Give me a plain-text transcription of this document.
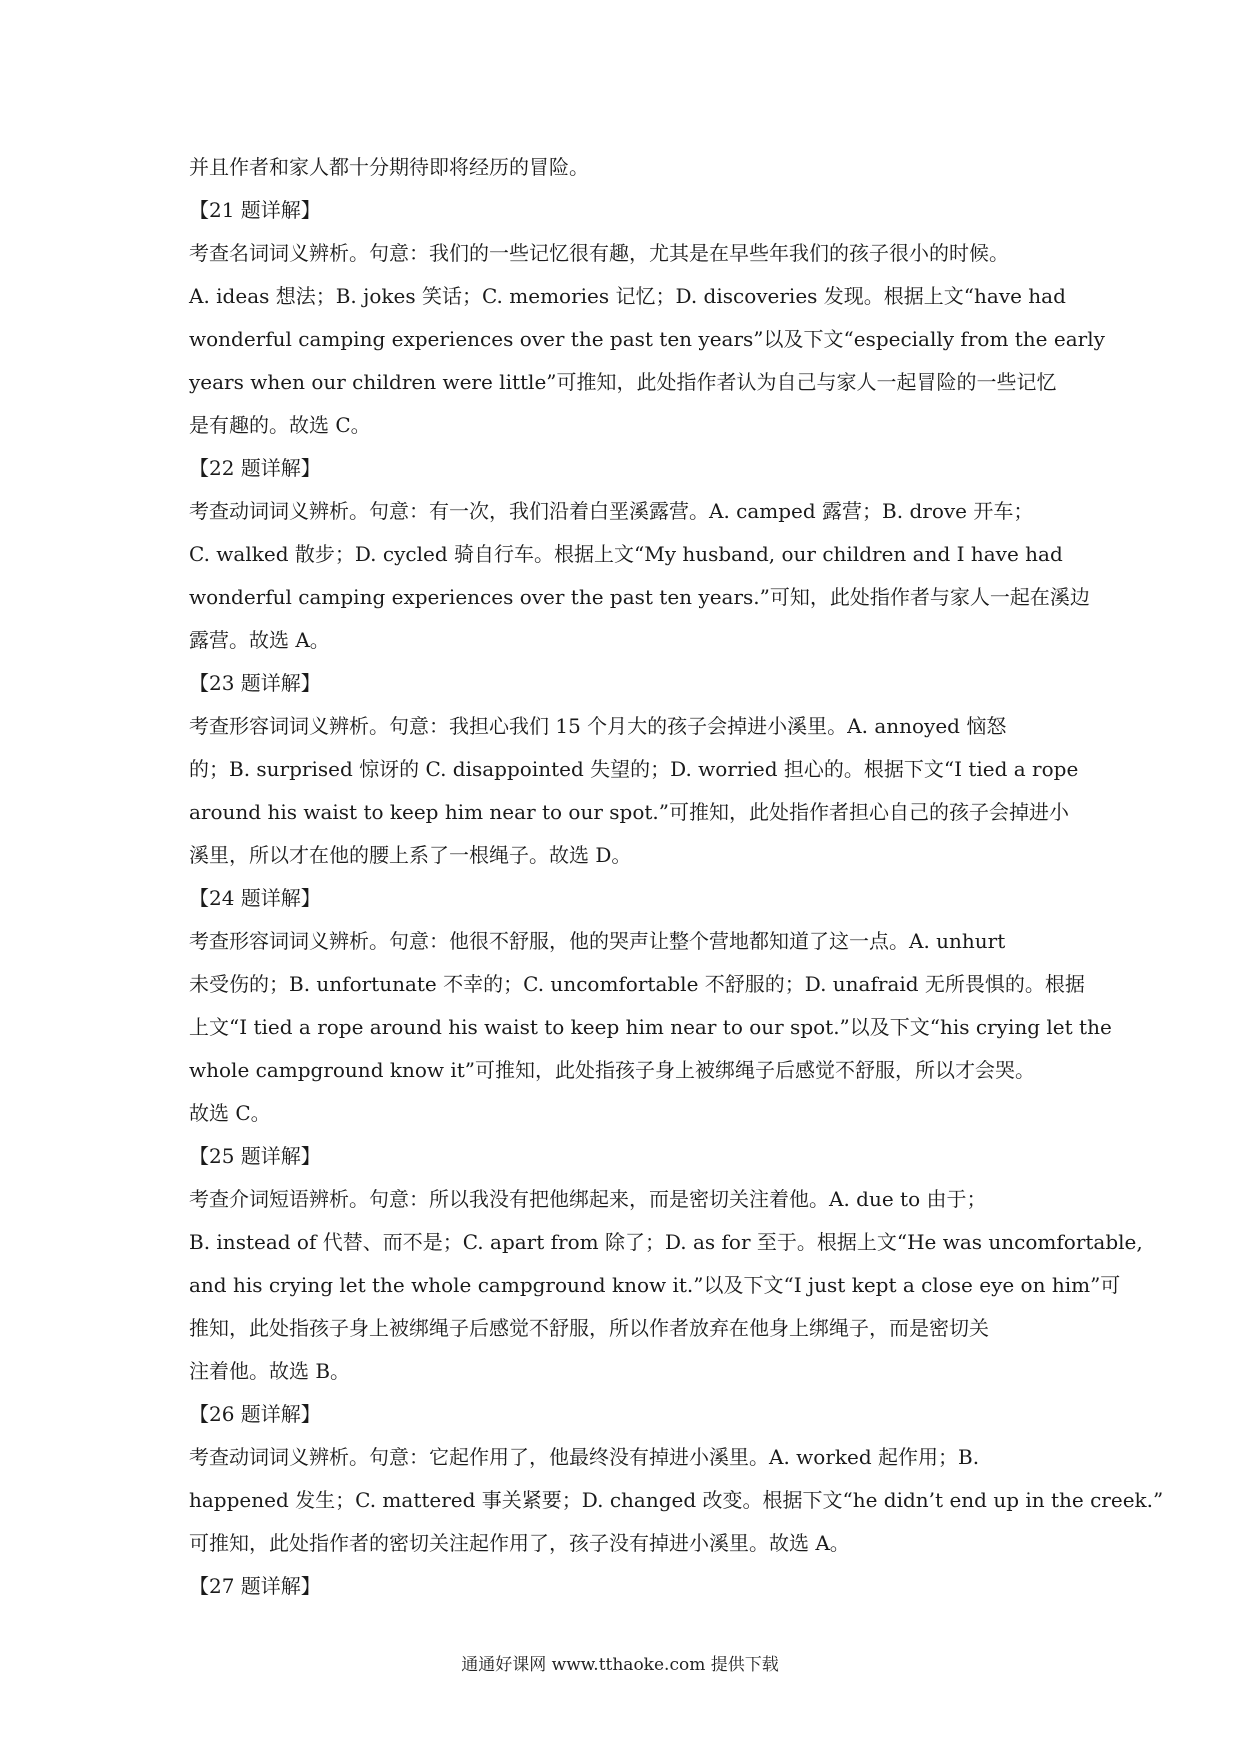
并且作者和家人都十分期待即将经历的冒险。
【21 题详解】
考查名词词义辨析。句意：我们的一些记忆很有趣，尤其是在早些年我们的孩子很小的时候。
A. ideas 想法；B. jokes 笑话；C. memories 记忆；D. discoveries 发现。根据上文“have had
wonderful camping experiences over the past ten years”以及下文“especially from the early
years when our children were little”可推知，此处指作者认为自己与家人一起冒险的一些记忆
是有趣的。故选 C。
【22 题详解】
考查动词词义辨析。句意：有一次，我们沿着白垩溪露营。A. camped 露营；B. drove 开车；
C. walked 散步；D. cycled 骑自行车。根据上文“My husband, our children and I have had
wonderful camping experiences over the past ten years.”可知，此处指作者与家人一起在溪边
露营。故选 A。
【23 题详解】
考查形容词词义辨析。句意：我担心我们 15 个月大的孩子会掉进小溪里。A. annoyed 恼怒
的；B. surprised 惊讶的 C. disappointed 失望的；D. worried 担心的。根据下文“I tied a rope
around his waist to keep him near to our spot.”可推知，此处指作者担心自己的孩子会掉进小
溪里，所以才在他的腰上系了一根绳子。故选 D。
【24 题详解】
考查形容词词义辨析。句意：他很不舒服，他的哭声让整个营地都知道了这一点。A. unhurt
未受伤的；B. unfortunate 不幸的；C. uncomfortable 不舒服的；D. unafraid 无所畏惧的。根据
上文“I tied a rope around his waist to keep him near to our spot.”以及下文“his crying let the
whole campground know it”可推知，此处指孩子身上被绑绳子后感觉不舒服，所以才会哭。
故选 C。
【25 题详解】
考查介词短语辨析。句意：所以我没有把他绑起来，而是密切关注着他。A. due to 由于；
B. instead of 代替、而不是；C. apart from 除了；D. as for 至于。根据上文“He was uncomfortable,
and his crying let the whole campground know it.”以及下文“I just kept a close eye on him”可
推知，此处指孩子身上被绑绳子后感觉不舒服，所以作者放弃在他身上绑绳子，而是密切关
注着他。故选 B。
【26 题详解】
考查动词词义辨析。句意：它起作用了，他最终没有掉进小溪里。A. worked 起作用；B.
happened 发生；C. mattered 事关紧要；D. changed 改变。根据下文“he didn’t end up in the creek.”
可推知，此处指作者的密切关注起作用了，孩子没有掉进小溪里。故选 A。
【27 题详解】
通通好课网 www.tthaoke.com 提供下载
